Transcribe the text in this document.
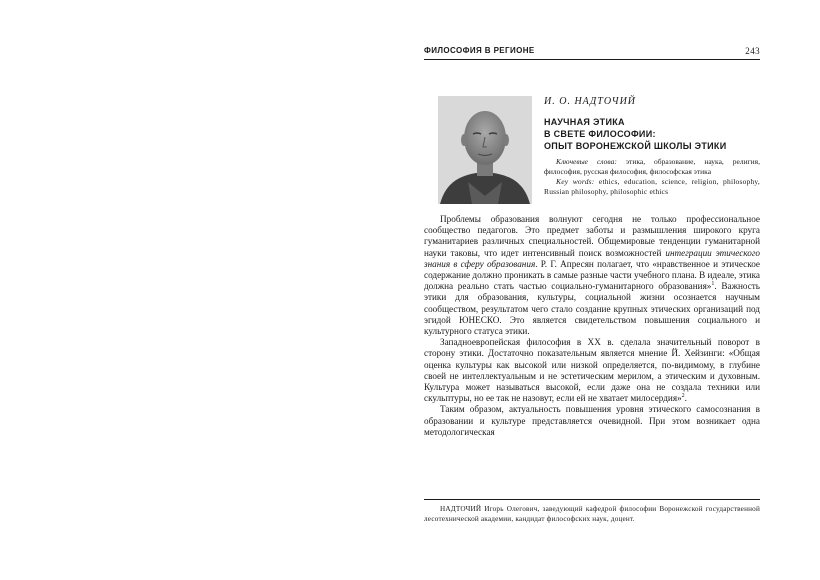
ФИЛОСОФИЯ В РЕГИОНЕ	243
И. О. НАДТОЧИЙ
НАУЧНАЯ ЭТИКА
В СВЕТЕ ФИЛОСОФИИ:
ОПЫТ ВОРОНЕЖСКОЙ ШКОЛЫ ЭТИКИ

Ключевые слова: этика, образование, наука, религия, философия, русская философия, философская этика

Key words: ethics, education, science, religion, philosophy, Russian philosophy, philosophic ethics

Проблемы образования волнуют сегодня не только профессиональное сообщество педагогов. Это предмет заботы и размышления широкого круга гуманитариев различных специальностей. Общемировые тенденции гуманитарной науки таковы, что идет интенсивный поиск возможностей интеграции этического знания в сферу образования. Р. Г. Апресян полагает, что «нравственное и этическое содержание должно проникать в самые разные части учебного плана. В идеале, этика должна реально стать частью социально-гуманитарного образования»$^1$. Важность этики для образования, культуры, социальной жизни осознается научным сообществом, результатом чего стало создание крупных этических организаций под эгидой ЮНЕСКО. Это является свидетельством повышения социального и культурного статуса этики.

Западноевропейская философия в XX в. сделала значительный поворот в сторону этики. Достаточно показательным является мнение Й. Хейзинги: «Общая оценка культуры как высокой или низкой определяется, по-видимому, в глубине своей не интеллектуальным и не эстетическим мерилом, а этическим и духовным. Культура может называться высокой, если даже она не создала техники или скульптуры, но ее так не назовут, если ей не хватает милосердия»$^2$.

Таким образом, актуальность повышения уровня этического самосознания в образовании и культуре представляется очевидной. При этом возникает одна методологическая

НАДТОЧИЙ Игорь Олегович, заведующий кафедрой философии Воронежской государственной лесотехнической академии, кандидат философских наук, доцент.
